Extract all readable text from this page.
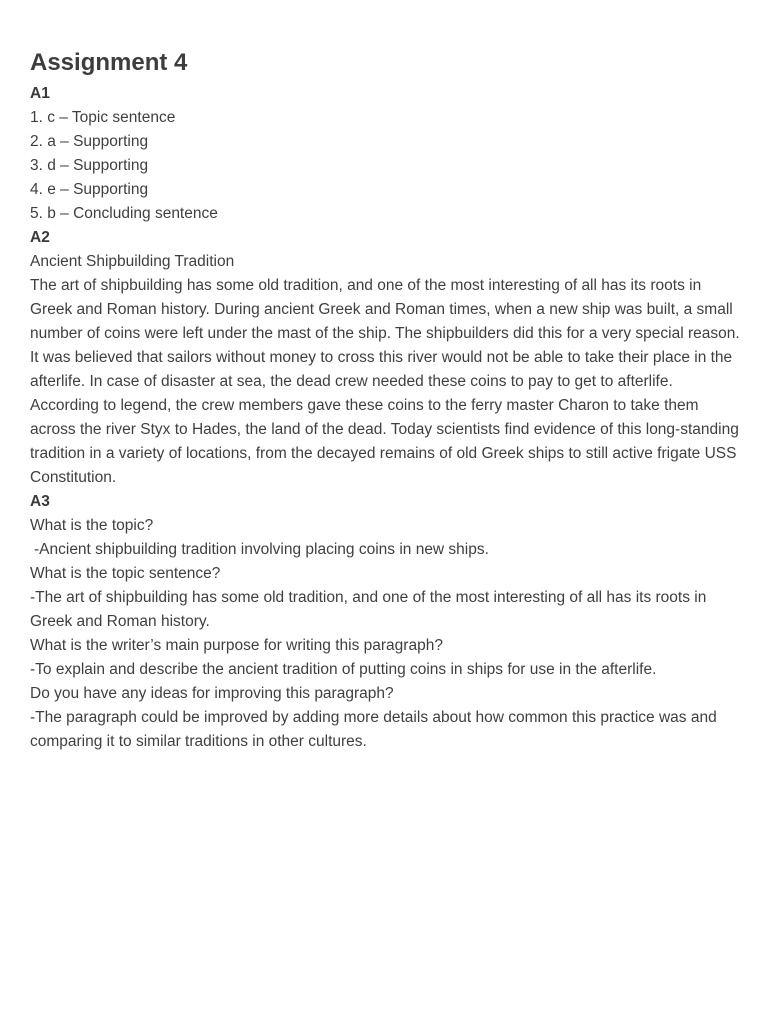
Assignment 4
A1
1. c – Topic sentence
2. a – Supporting
3. d – Supporting
4. e – Supporting
5. b – Concluding sentence
A2
Ancient Shipbuilding Tradition

The art of shipbuilding has some old tradition, and one of the most interesting of all has its roots in Greek and Roman history. During ancient Greek and Roman times, when a new ship was built, a small number of coins were left under the mast of the ship. The shipbuilders did this for a very special reason. It was believed that sailors without money to cross this river would not be able to take their place in the afterlife. In case of disaster at sea, the dead crew needed these coins to pay to get to afterlife. According to legend, the crew members gave these coins to the ferry master Charon to take them across the river Styx to Hades, the land of the dead. Today scientists find evidence of this long-standing tradition in a variety of locations, from the decayed remains of old Greek ships to still active frigate USS Constitution.

A3
What is the topic?
-Ancient shipbuilding tradition involving placing coins in new ships.
What is the topic sentence?

-The art of shipbuilding has some old tradition, and one of the most interesting of all has its roots in Greek and Roman history.

What is the writer’s main purpose for writing this paragraph?
-To explain and describe the ancient tradition of putting coins in ships for use in the afterlife.
Do you have any ideas for improving this paragraph?

-The paragraph could be improved by adding more details about how common this practice was and comparing it to similar traditions in other cultures.
